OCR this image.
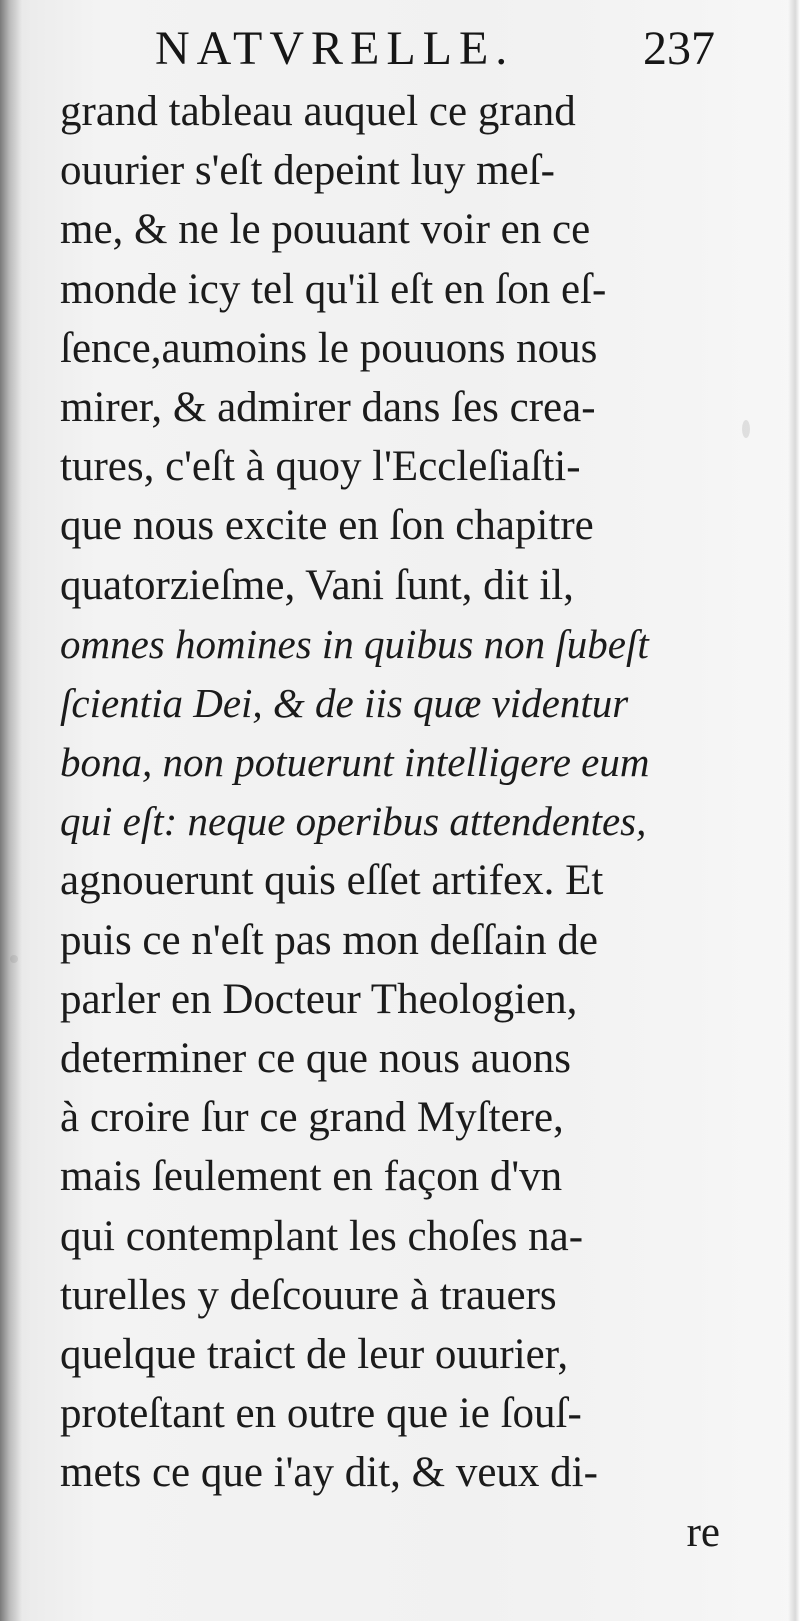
NATVRELLE.	237
grand tableau auquel ce grand
ouurier s'eſt depeint luy meſ-
me, & ne le pouuant voir en ce
monde icy tel qu'il eſt en ſon eſ-
ſence,aumoins le pouuons nous
mirer, & admirer dans ſes crea-
tures, c'eſt à quoy l'Eccleſiaſti-
que nous excite en ſon chapitre
quatorzieſme, Vani ſunt, dit il,
omnes homines in quibus non ſubeſt
ſcientia Dei, & de iis quæ videntur
bona, non potuerunt intelligere eum
qui eſt: neque operibus attendentes,
agnouerunt quis eſſet artifex. Et
puis ce n'eſt pas mon deſſain de
parler en Docteur Theologien,
determiner ce que nous auons
à croire ſur ce grand Myſtere,
mais ſeulement en façon d'vn
qui contemplant les choſes na-
turelles y deſcouure à trauers
quelque traict de leur ouurier,
proteſtant en outre que ie ſouſ-
mets ce que i'ay dit, & veux di-
re
